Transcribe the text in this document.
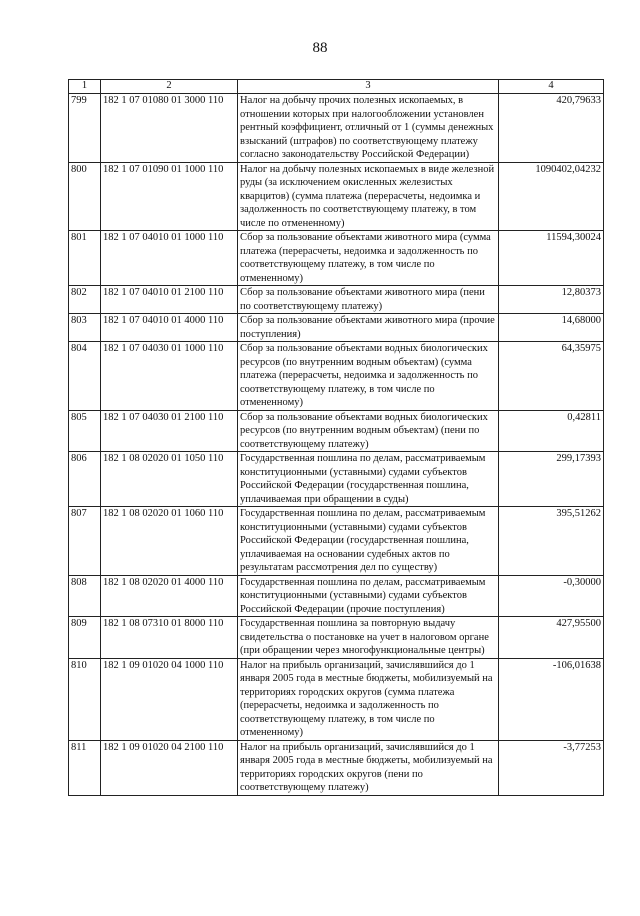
88
1	2	3	4
799	182 1 07 01080 01 3000 110	Налог на добычу прочих полезных ископаемых, в отношении которых при налогообложении установлен рентный коэффициент, отличный от 1 (суммы денежных взысканий (штрафов) по соответствующему платежу согласно законодательству Российской Федерации)	420,79633
800	182 1 07 01090 01 1000 110	Налог на добычу полезных ископаемых в виде железной руды (за исключением окисленных железистых кварцитов) (сумма платежа (перерасчеты, недоимка и задолженность по соответствующему платежу, в том числе по отмененному)	1090402,04232
801	182 1 07 04010 01 1000 110	Сбор за пользование объектами животного мира (сумма платежа (перерасчеты, недоимка и задолженность по соответствующему платежу, в том числе по отмененному)	11594,30024
802	182 1 07 04010 01 2100 110	Сбор за пользование объектами животного мира (пени по соответствующему платежу)	12,80373
803	182 1 07 04010 01 4000 110	Сбор за пользование объектами животного мира (прочие поступления)	14,68000
804	182 1 07 04030 01 1000 110	Сбор за пользование объектами водных биологических ресурсов (по внутренним водным объектам) (сумма платежа (перерасчеты, недоимка и задолженность по соответствующему платежу, в том числе по отмененному)	64,35975
805	182 1 07 04030 01 2100 110	Сбор за пользование объектами водных биологических ресурсов (по внутренним водным объектам) (пени по соответствующему платежу)	0,42811
806	182 1 08 02020 01 1050 110	Государственная пошлина по делам, рассматриваемым конституционными (уставными) судами субъектов Российской Федерации (государственная пошлина, уплачиваемая при обращении в суды)	299,17393
807	182 1 08 02020 01 1060 110	Государственная пошлина по делам, рассматриваемым конституционными (уставными) судами субъектов Российской Федерации (государственная пошлина, уплачиваемая на основании судебных актов по результатам рассмотрения дел по существу)	395,51262
808	182 1 08 02020 01 4000 110	Государственная пошлина по делам, рассматриваемым конституционными (уставными) судами субъектов Российской Федерации (прочие поступления)	-0,30000
809	182 1 08 07310 01 8000 110	Государственная пошлина за повторную выдачу свидетельства о постановке на учет в налоговом органе (при обращении через многофункциональные центры)	427,95500
810	182 1 09 01020 04 1000 110	Налог на прибыль организаций, зачислявшийся до 1 января 2005 года в местные бюджеты, мобилизуемый на территориях городских округов (сумма платежа (перерасчеты, недоимка и задолженность по соответствующему платежу, в том числе по отмененному)	-106,01638
811	182 1 09 01020 04 2100 110	Налог на прибыль организаций, зачислявшийся до 1 января 2005 года в местные бюджеты, мобилизуемый на территориях городских округов (пени по соответствующему платежу)	-3,77253
